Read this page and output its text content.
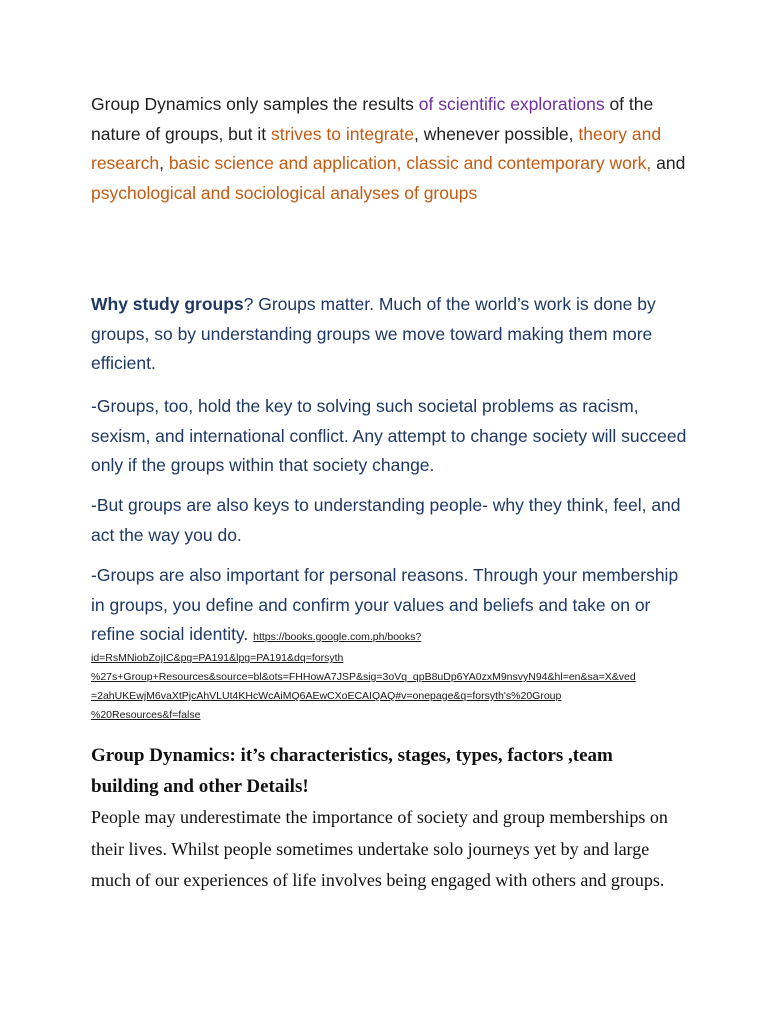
Group Dynamics only samples the results of scientific explorations of the nature of groups, but it strives to integrate, whenever possible, theory and research, basic science and application, classic and contemporary work, and psychological and sociological analyses of groups

Why study groups? Groups matter. Much of the world’s work is done by groups, so by understanding groups we move toward making them more efficient.

-Groups, too, hold the key to solving such societal problems as racism, sexism, and international conflict. Any attempt to change society will succeed only if the groups within that society change.

-But groups are also keys to understanding people- why they think, feel, and act the way you do.

-Groups are also important for personal reasons. Through your membership in groups, you define and confirm your values and beliefs and take on or refine social identity. https://books.google.com.ph/books?

id=RsMNiobZojIC&pg=PA191&lpg=PA191&dq=forsyth
%27s+Group+Resources&source=bl&ots=FHHowA7JSP&sig=3oVq_qpB8uDp6YA0zxM9nsvyN94&hl=en&sa=X&ved
=2ahUKEwjM6vaXtPjcAhVLUt4KHcWcAiMQ6AEwCXoECAIQAQ#v=onepage&q=forsyth's%20Group
%20Resources&f=false
Group Dynamics: it’s characteristics, stages, types, factors ,team building and other Details!

People may underestimate the importance of society and group memberships on their lives. Whilst people sometimes undertake solo journeys yet by and large much of our experiences of life involves being engaged with others and groups.
